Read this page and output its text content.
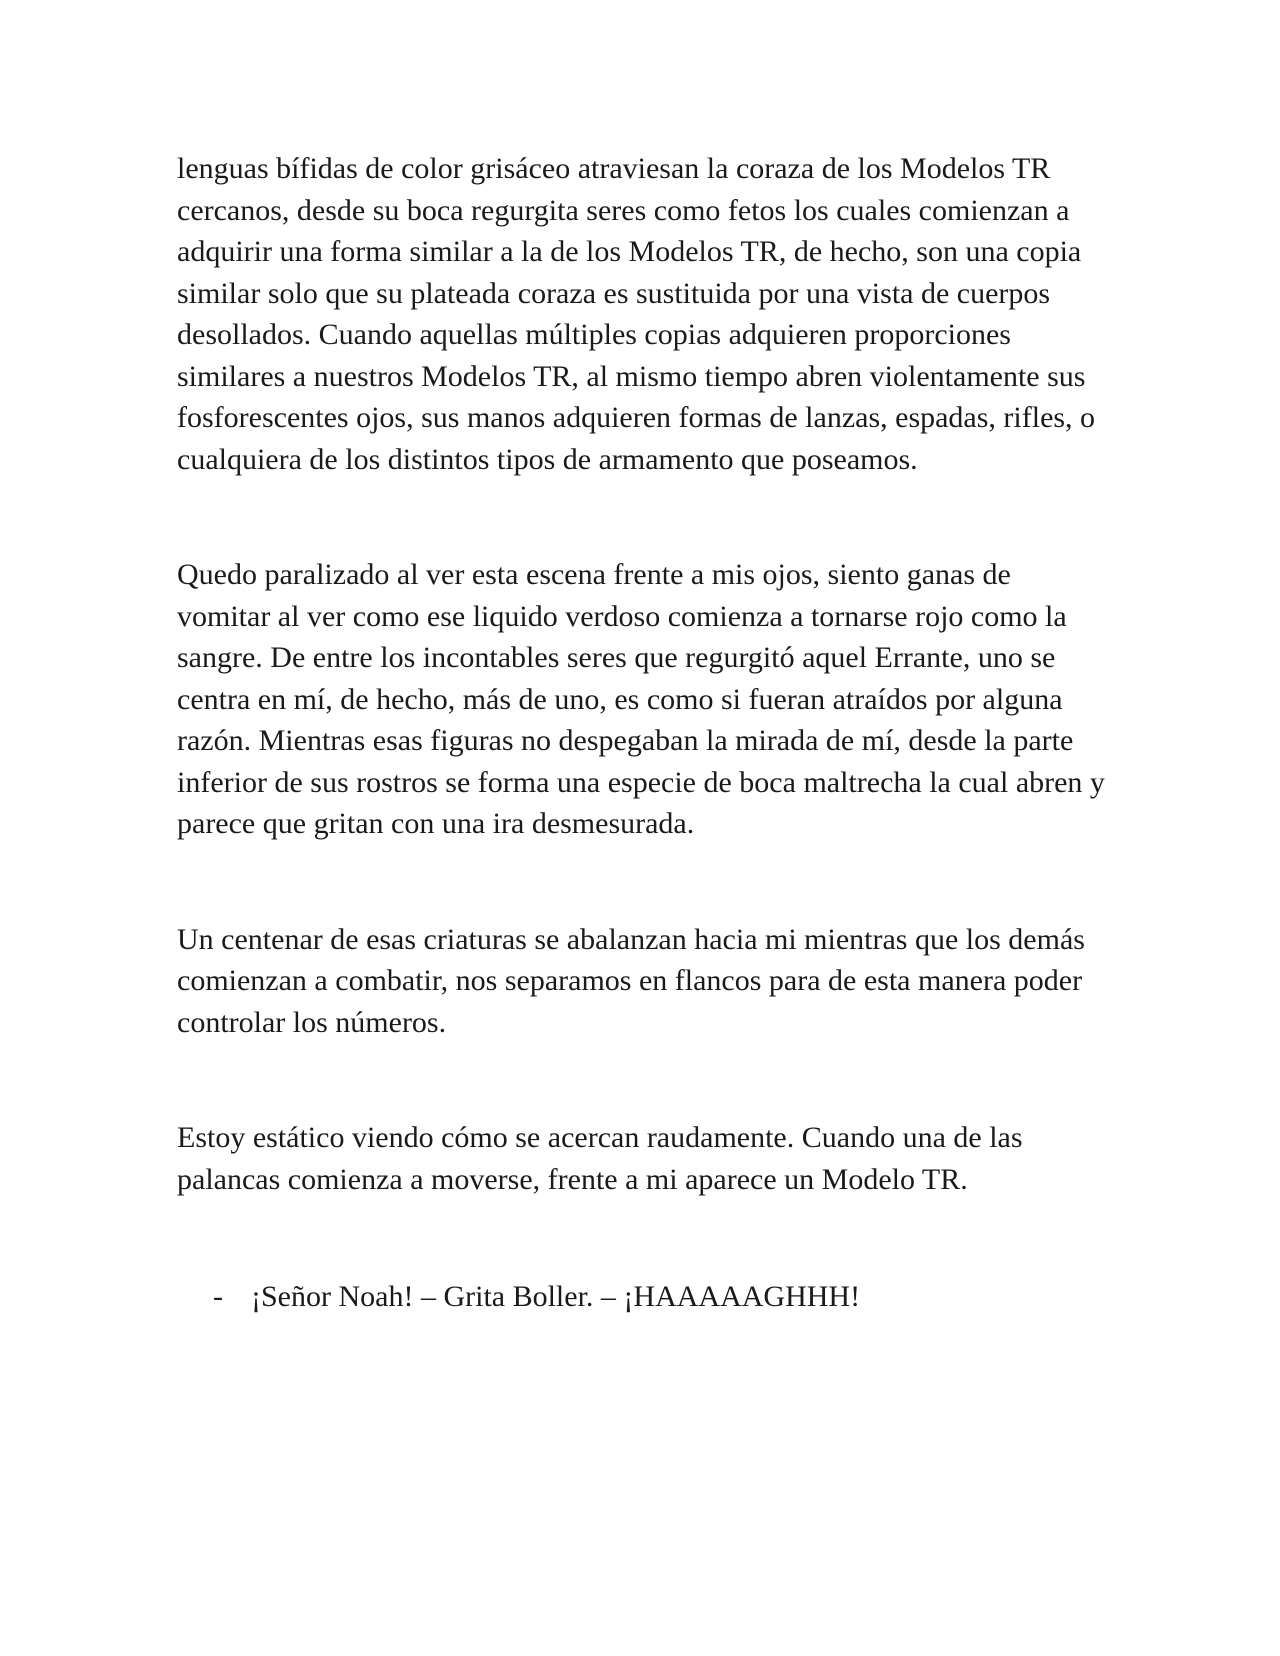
lenguas bífidas de color grisáceo atraviesan la coraza de los Modelos TR cercanos, desde su boca regurgita seres como fetos los cuales comienzan a adquirir una forma similar a la de los Modelos TR, de hecho, son una copia similar solo que su plateada coraza es sustituida por una vista de cuerpos desollados. Cuando aquellas múltiples copias adquieren proporciones similares a nuestros Modelos TR, al mismo tiempo abren violentamente sus fosforescentes ojos, sus manos adquieren formas de lanzas, espadas, rifles, o cualquiera de los distintos tipos de armamento que poseamos.

Quedo paralizado al ver esta escena frente a mis ojos, siento ganas de vomitar al ver como ese liquido verdoso comienza a tornarse rojo como la sangre. De entre los incontables seres que regurgitó aquel Errante, uno se centra en mí, de hecho, más de uno, es como si fueran atraídos por alguna razón. Mientras esas figuras no despegaban la mirada de mí, desde la parte inferior de sus rostros se forma una especie de boca maltrecha la cual abren y parece que gritan con una ira desmesurada.

Un centenar de esas criaturas se abalanzan hacia mi mientras que los demás comienzan a combatir, nos separamos en flancos para de esta manera poder controlar los números.

Estoy estático viendo cómo se acercan raudamente. Cuando una de las palancas comienza a moverse, frente a mi aparece un Modelo TR.

- ¡Señor Noah! – Grita Boller. – ¡HAAAAAGHHH!
